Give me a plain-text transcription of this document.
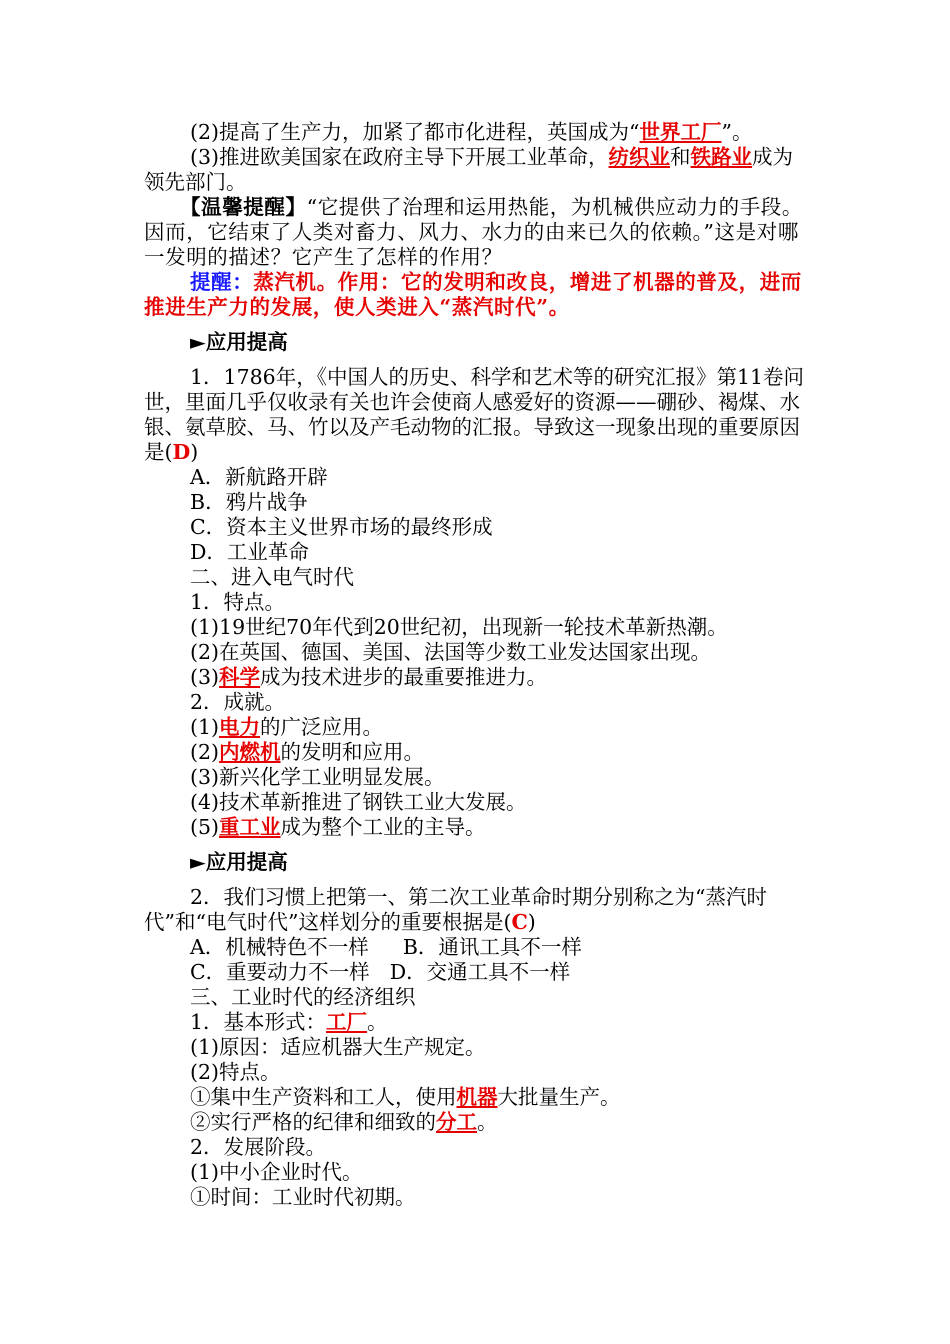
(2)提高了生产力，加紧了都市化进程，英国成为“世界工厂”。

(3)推进欧美国家在政府主导下开展工业革命，纺织业和铁路业成为领先部门。

【温馨提醒】“它提供了治理和运用热能，为机械供应动力的手段。因而，它结束了人类对畜力、风力、水力的由来已久的依赖。”这是对哪一发明的描述？它产生了怎样的作用？

提醒：蒸汽机。作用：它的发明和改良，增进了机器的普及，进而推进生产力的发展，使人类进入“蒸汽时代”。

►应用提高

1．1786年，《中国人的历史、科学和艺术等的研究汇报》第11卷问世，里面几乎仅收录有关也许会使商人感爱好的资源——硼砂、褐煤、水银、氨草胶、马、竹以及产毛动物的汇报。导致这一现象出现的重要原因是(D)

A．新航路开辟

B．鸦片战争

C．资本主义世界市场的最终形成

D．工业革命

二、进入电气时代

1．特点。

(1)19世纪70年代到20世纪初，出现新一轮技术革新热潮。

(2)在英国、德国、美国、法国等少数工业发达国家出现。

(3)科学成为技术进步的最重要推进力。

2．成就。

(1)电力的广泛应用。

(2)内燃机的发明和应用。

(3)新兴化学工业明显发展。

(4)技术革新推进了钢铁工业大发展。

(5)重工业成为整个工业的主导。

►应用提高

2．我们习惯上把第一、第二次工业革命时期分别称之为“蒸汽时代”和“电气时代”这样划分的重要根据是(C)

A．机械特色不一样 B．通讯工具不一样

C．重要动力不一样 D．交通工具不一样

三、工业时代的经济组织

1．基本形式：工厂。

(1)原因：适应机器大生产规定。

(2)特点。

①集中生产资料和工人，使用机器大批量生产。

②实行严格的纪律和细致的分工。

2．发展阶段。

(1)中小企业时代。

①时间：工业时代初期。
